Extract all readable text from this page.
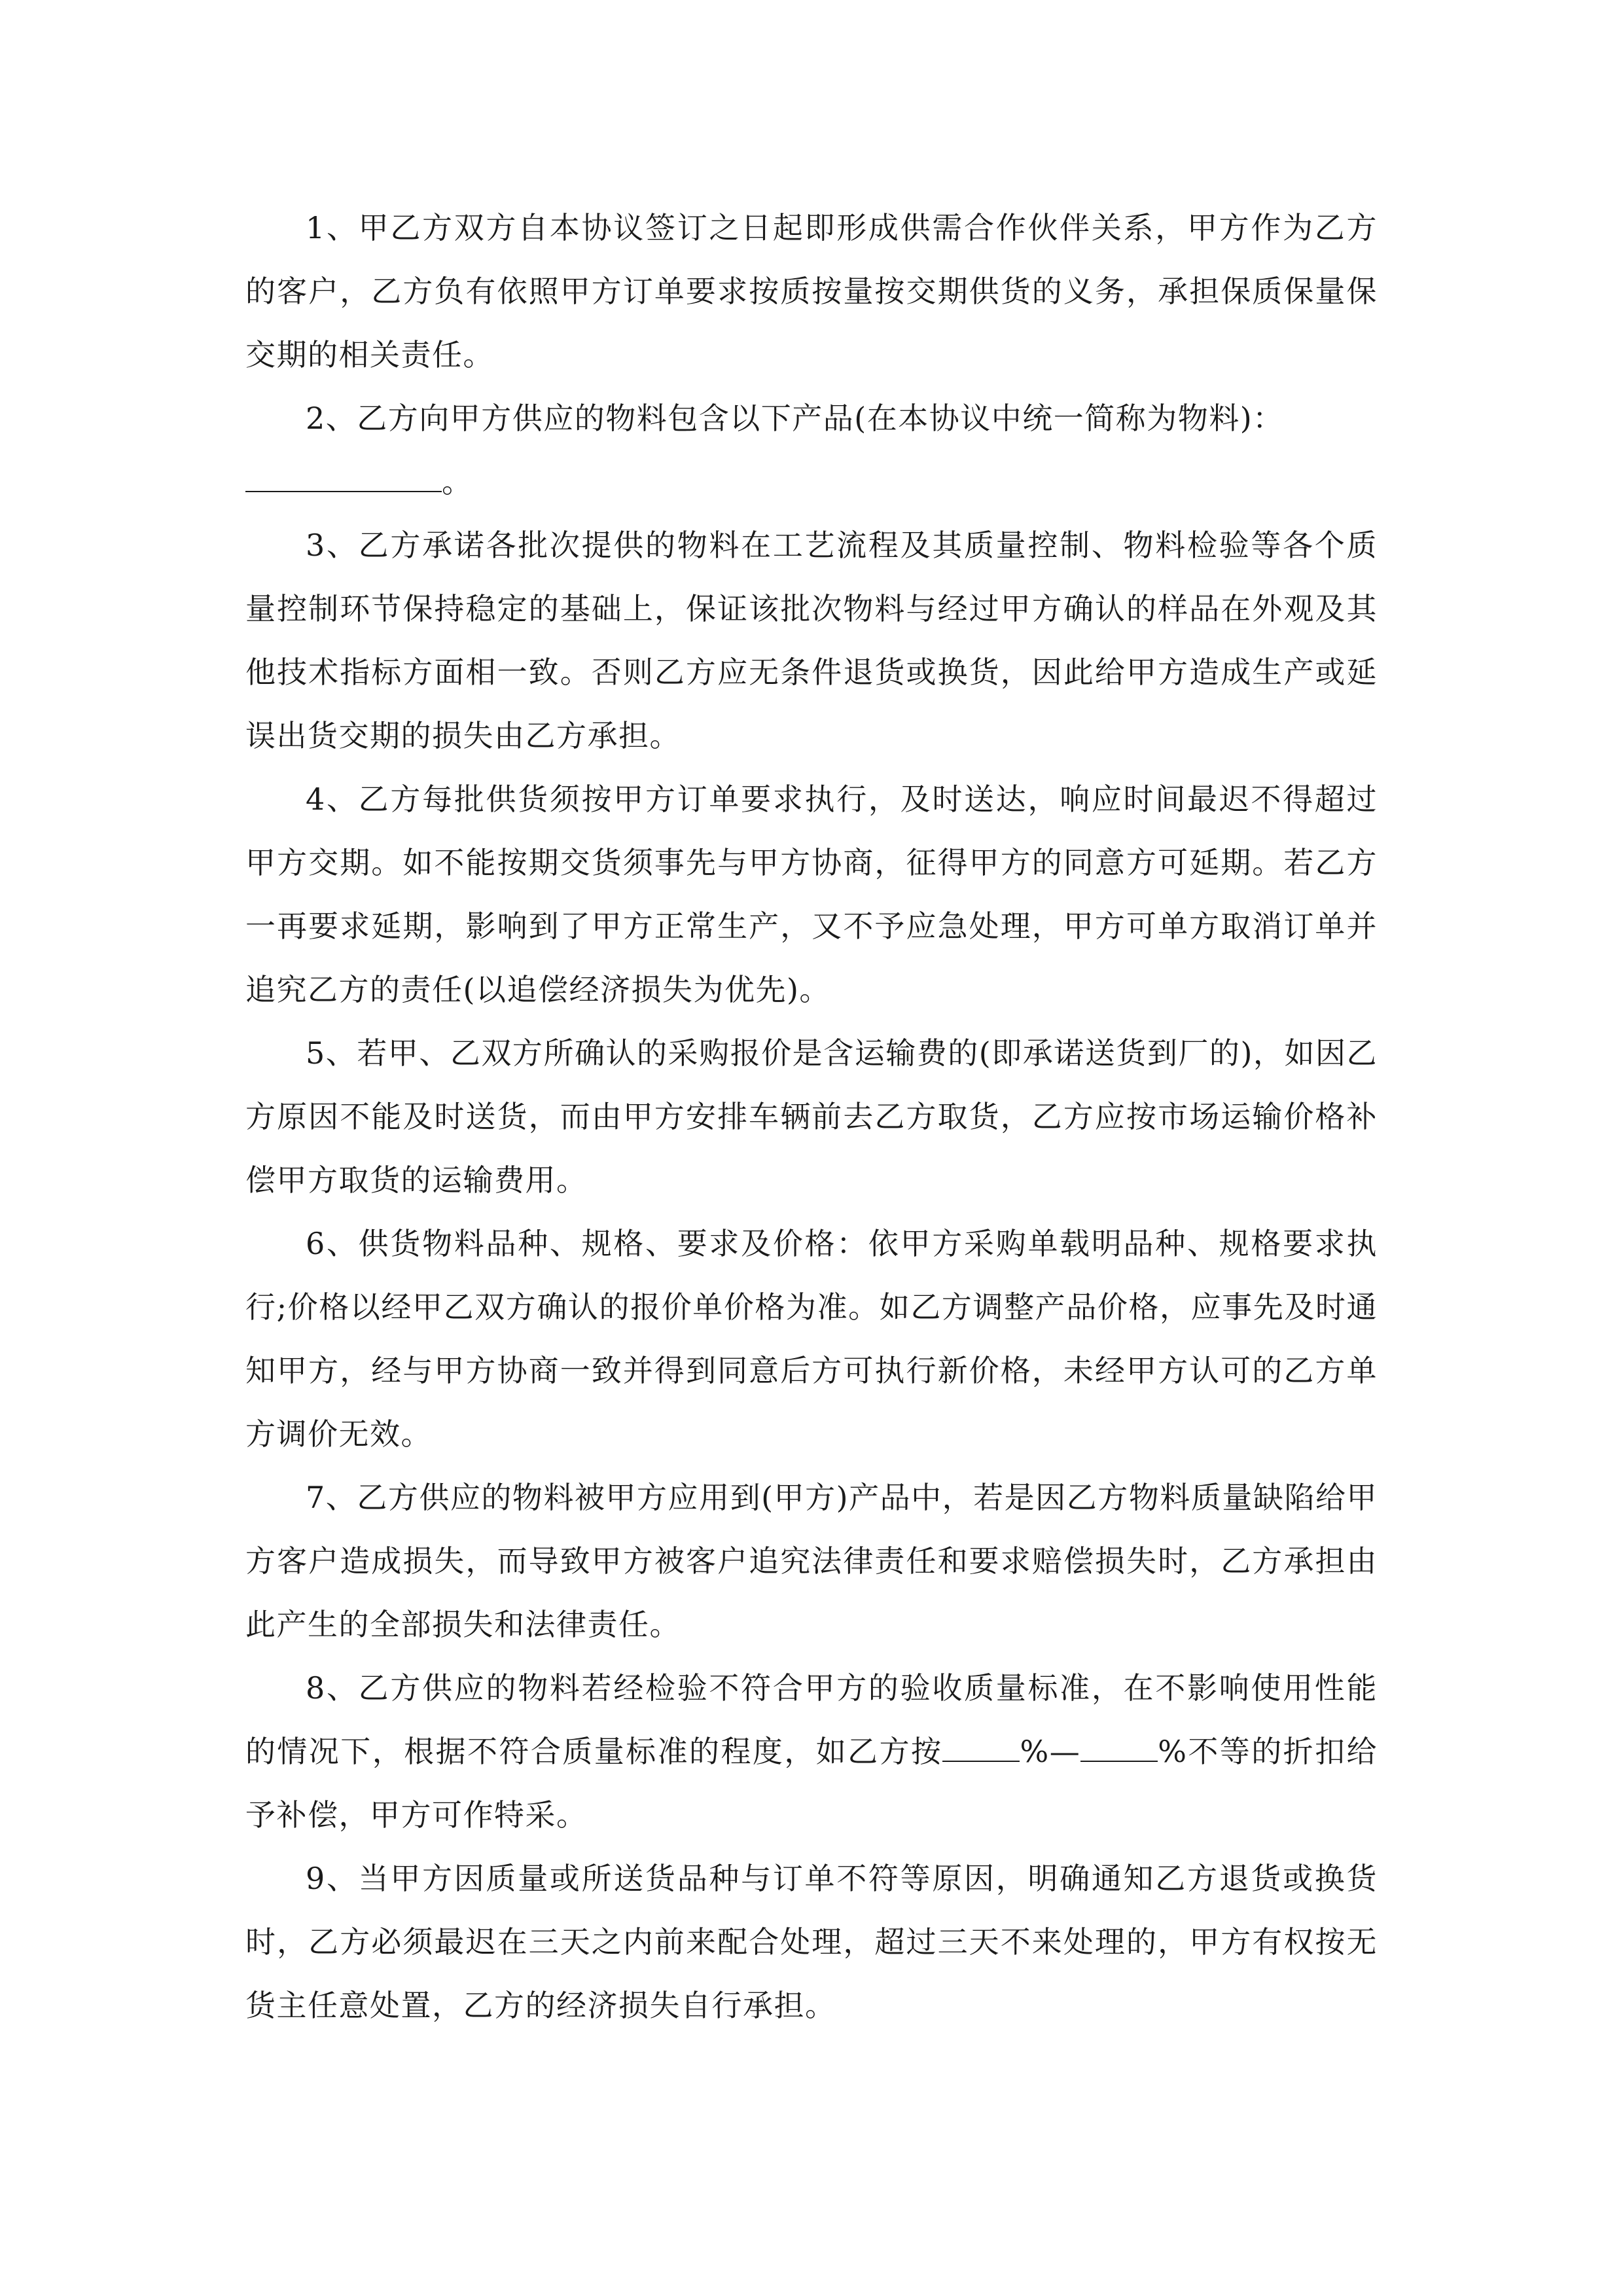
1、甲乙方双方自本协议签订之日起即形成供需合作伙伴关系，甲方作为乙方的客户，乙方负有依照甲方订单要求按质按量按交期供货的义务，承担保质保量保交期的相关责任。

2、乙方向甲方供应的物料包含以下产品(在本协议中统一简称为物料)：

。

3、乙方承诺各批次提供的物料在工艺流程及其质量控制、物料检验等各个质量控制环节保持稳定的基础上，保证该批次物料与经过甲方确认的样品在外观及其他技术指标方面相一致。否则乙方应无条件退货或换货，因此给甲方造成生产或延误出货交期的损失由乙方承担。

4、乙方每批供货须按甲方订单要求执行，及时送达，响应时间最迟不得超过甲方交期。如不能按期交货须事先与甲方协商，征得甲方的同意方可延期。若乙方一再要求延期，影响到了甲方正常生产，又不予应急处理，甲方可单方取消订单并追究乙方的责任(以追偿经济损失为优先)。

5、若甲、乙双方所确认的采购报价是含运输费的(即承诺送货到厂的)，如因乙方原因不能及时送货，而由甲方安排车辆前去乙方取货，乙方应按市场运输价格补偿甲方取货的运输费用。

6、供货物料品种、规格、要求及价格：依甲方采购单载明品种、规格要求执行;价格以经甲乙双方确认的报价单价格为准。如乙方调整产品价格，应事先及时通知甲方，经与甲方协商一致并得到同意后方可执行新价格，未经甲方认可的乙方单方调价无效。

7、乙方供应的物料被甲方应用到(甲方)产品中，若是因乙方物料质量缺陷给甲方客户造成损失，而导致甲方被客户追究法律责任和要求赔偿损失时，乙方承担由此产生的全部损失和法律责任。

8、乙方供应的物料若经检验不符合甲方的验收质量标准，在不影响使用性能的情况下，根据不符合质量标准的程度，如乙方按	%—	%不等的折扣给予补偿，甲方可作特采。

9、当甲方因质量或所送货品种与订单不符等原因，明确通知乙方退货或换货时，乙方必须最迟在三天之内前来配合处理，超过三天不来处理的，甲方有权按无货主任意处置，乙方的经济损失自行承担。
